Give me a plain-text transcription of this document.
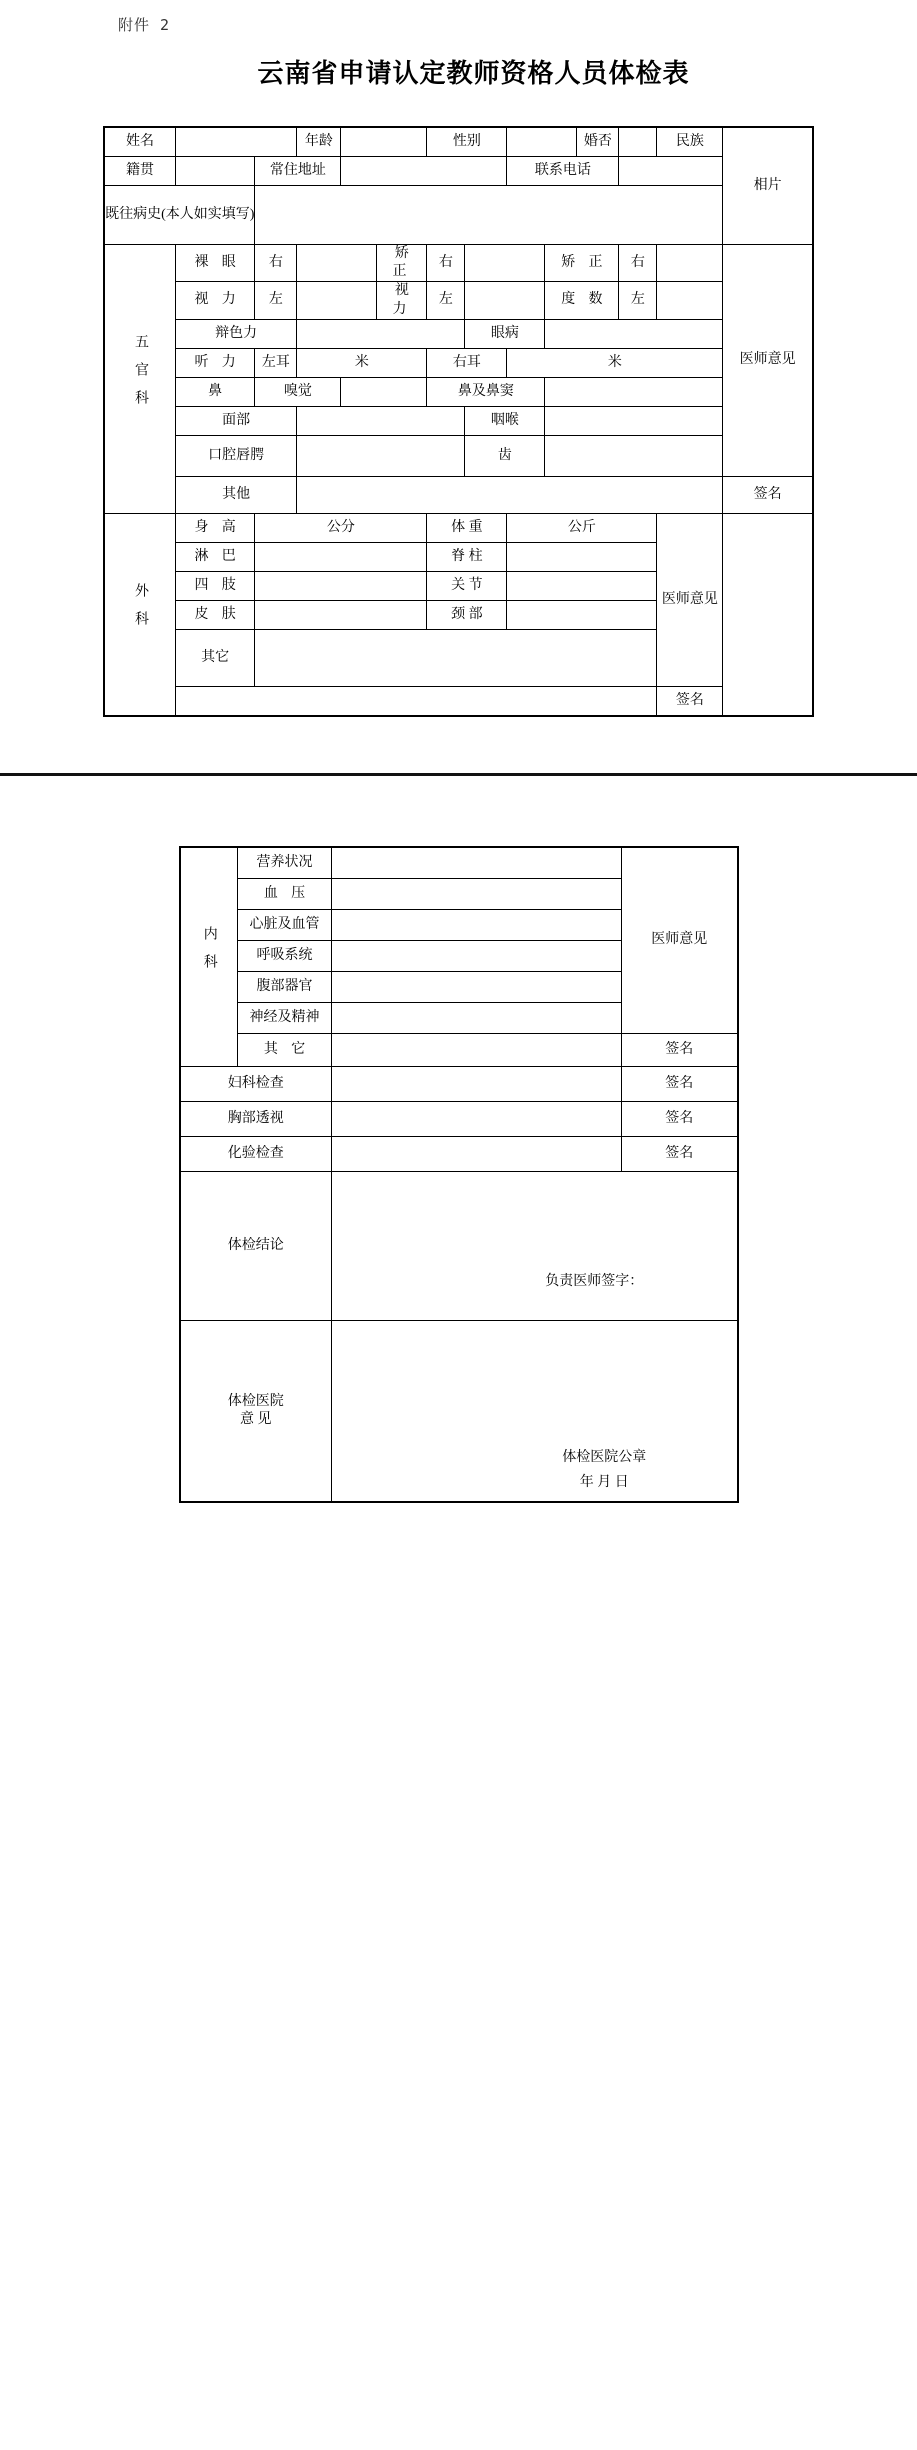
附件 2
云南省申请认定教师资格人员体检表
姓名			年龄			性别				婚否		民族	相片
籍贯		常住地址						联系电话					
既往病史(本人如实填写)													
五官科	裸 眼	右			矫 正	右			矫 正		右		医师意见
	视 力	左			视 力	左			度 数		左		
	辩色力						眼病						
	听 力	左耳	米			右耳		米					
	鼻	嗅觉				鼻及鼻窦							
	面部						咽喉						
	口腔唇腭						齿						
	其他												签名
外科	身 高	公分				体 重		公斤				医师意见	
	淋 巴					脊 柱							
	四 肢					关 节							
	皮 肤					颈 部							
	其它												
												签名	
内科	营养状况		医师意见
	血 压		
	心脏及血管		
	呼吸系统		
	腹部器官		
	神经及精神		
	其 它		签名
妇科检查			签名
胸部透视			签名
化验检查			签名
体检结论		负责医师签字：	

体检医院
意 见

体检医院公章
年 月 日
